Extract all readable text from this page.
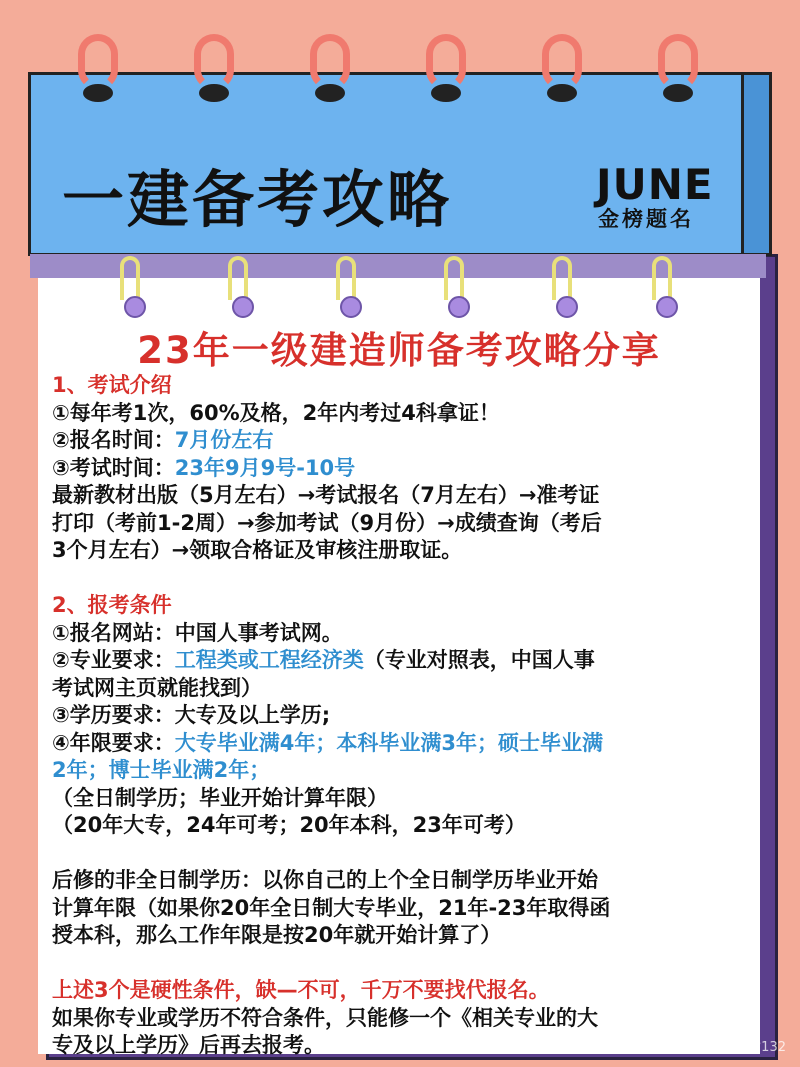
一建备考攻略	JUNE
金榜题名
23年一级建造师备考攻略分享
1、考试介绍
①每年考1次，60%及格，2年内考过4科拿证！
②报名时间：7月份左右
③考试时间：23年9月9号-10号
最新教材出版（5月左右）→考试报名（7月左右）→准考证
打印（考前1-2周）→参加考试（9月份）→成绩查询（考后
3个月左右）→领取合格证及审核注册取证。
2、报考条件
①报名网站：中国人事考试网。
②专业要求：工程类或工程经济类（专业对照表，中国人事
考试网主页就能找到）
③学历要求：大专及以上学历;
④年限要求：大专毕业满4年；本科毕业满3年；硕士毕业满
2年；博士毕业满2年；
（全日制学历；毕业开始计算年限）
（20年大专，24年可考；20年本科，23年可考）
后修的非全日制学历：以你自己的上个全日制学历毕业开始
计算年限（如果你20年全日制大专毕业，21年-23年取得函
授本科，那么工作年限是按20年就开始计算了）
上述3个是硬性条件，缺—不可，千万不要找代报名。
如果你专业或学历不符合条件，只能修一个《相关专业的大
专及以上学历》后再去报考。	小红书号：7307?132
